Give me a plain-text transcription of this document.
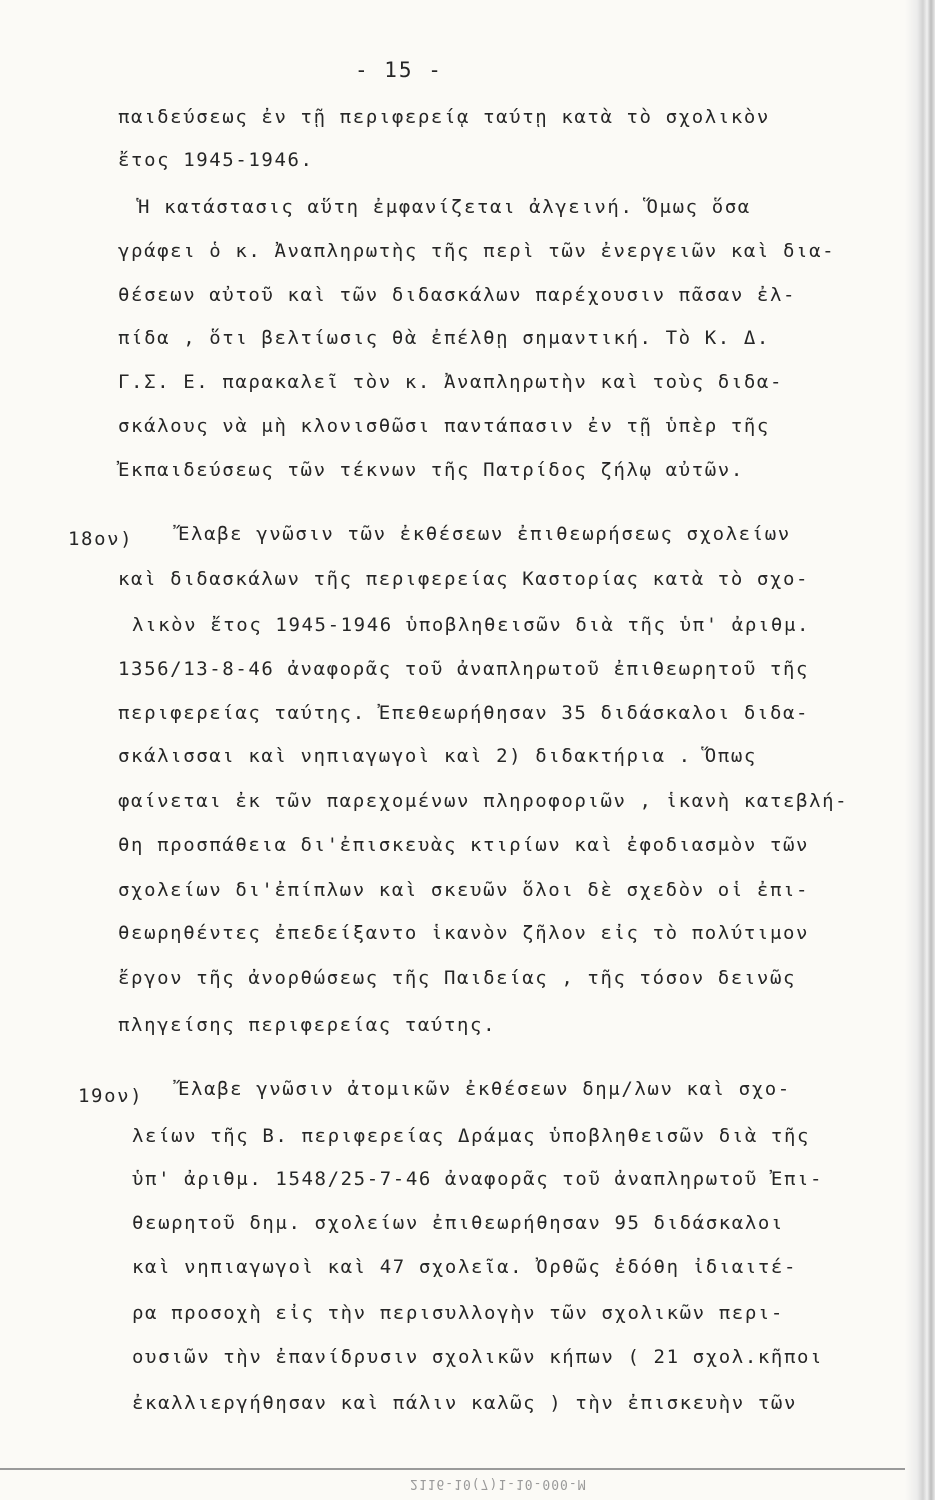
- 15 -
παιδεύσεως ἐν τῇ περιφερείᾳ ταύτῃ κατὰ τὸ σχολικὸν
ἔτος 1945-1946.
Ἡ κατάστασις αὕτη ἐμφανίζεται ἀλγεινή. Ὅμως ὅσα
γράφει ὁ κ. Ἀναπληρωτὴς τῆς περὶ τῶν ἐνεργειῶν καὶ δια-
θέσεων αὐτοῦ καὶ τῶν διδασκάλων παρέχουσιν πᾶσαν ἐλ-
πίδα , ὅτι βελτίωσις θὰ ἐπέλθῃ σημαντική. Τὸ Κ. Δ.
Γ.Σ. Ε. παρακαλεῖ τὸν κ. Ἀναπληρωτὴν καὶ τοὺς διδα-
σκάλους νὰ μὴ κλονισθῶσι παντάπασιν ἐν τῇ ὑπὲρ τῆς
Ἐκπαιδεύσεως τῶν τέκνων τῆς Πατρίδος ζήλῳ αὐτῶν.
18ον) Ἔλαβε γνῶσιν τῶν ἐκθέσεων ἐπιθεωρήσεως σχολείων
καὶ διδασκάλων τῆς περιφερείας Καστορίας κατὰ τὸ σχο-
λικὸν ἔτος 1945-1946 ὑποβληθεισῶν διὰ τῆς ὑπ' ἀριθμ.
1356/13-8-46 ἀναφορᾶς τοῦ ἀναπληρωτοῦ ἐπιθεωρητοῦ τῆς
περιφερείας ταύτης. Ἐπεθεωρήθησαν 35 διδάσκαλοι διδα-
σκάλισσαι καὶ νηπιαγωγοὶ καὶ 2) διδακτήρια . Ὅπως
φαίνεται ἐκ τῶν παρεχομένων πληροφοριῶν , ἱκανὴ κατεβλή-
θη προσπάθεια δι'ἐπισκευὰς κτιρίων καὶ ἐφοδιασμὸν τῶν
σχολείων δι'ἐπίπλων καὶ σκευῶν ὅλοι δὲ σχεδὸν οἱ ἐπι-
θεωρηθέντες ἐπεδείξαντο ἱκανὸν ζῆλον εἰς τὸ πολύτιμον
ἔργον τῆς ἀνορθώσεως τῆς Παιδείας , τῆς τόσον δεινῶς
πληγείσης περιφερείας ταύτης.
19ον) Ἔλαβε γνῶσιν ἀτομικῶν ἐκθέσεων δημ/λων καὶ σχο-
λείων τῆς Β. περιφερείας Δράμας ὑποβληθεισῶν διὰ τῆς
ὑπ' ἀριθμ. 1548/25-7-46 ἀναφορᾶς τοῦ ἀναπληρωτοῦ Ἐπι-
θεωρητοῦ δημ. σχολείων ἐπιθεωρήθησαν 95 διδάσκαλοι
καὶ νηπιαγωγοὶ καὶ 47 σχολεῖα. Ὀρθῶς ἐδόθη ἰδιαιτέ-
ρα προσοχὴ εἰς τὴν περισυλλογὴν τῶν σχολικῶν περι-
ουσιῶν τὴν ἐπανίδρυσιν σχολικῶν κήπων ( 21 σχολ.κῆποι
ἐκαλλιεργήθησαν καὶ πάλιν καλῶς ) τὴν ἐπισκευὴν τῶν
2116-10(7)1-10-000-M
